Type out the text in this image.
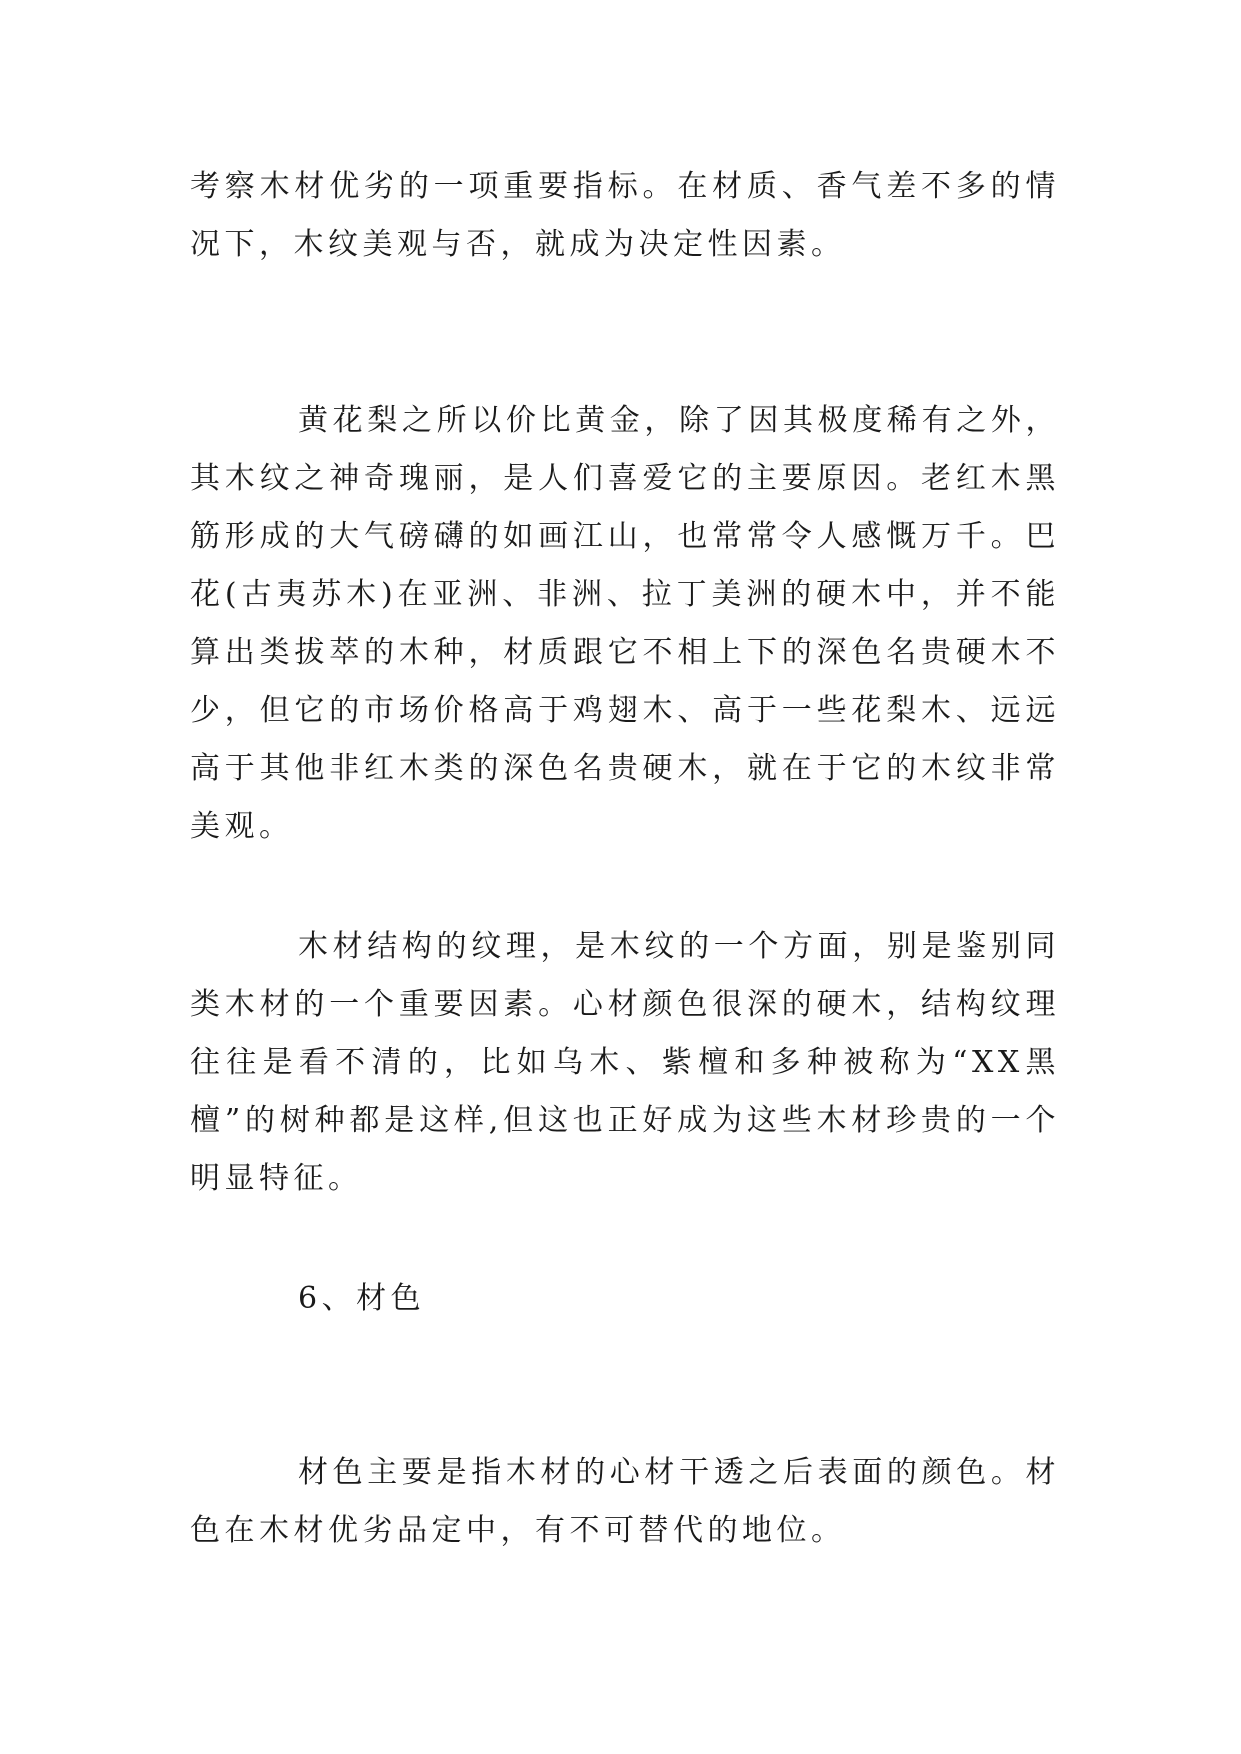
考察木材优劣的一项重要指标。在材质、香气差不多的情况下，木纹美观与否，就成为决定性因素。

黄花梨之所以价比黄金，除了因其极度稀有之外，其木纹之神奇瑰丽，是人们喜爱它的主要原因。老红木黑筋形成的大气磅礴的如画江山，也常常令人感慨万千。巴花(古夷苏木)在亚洲、非洲、拉丁美洲的硬木中，并不能算出类拔萃的木种，材质跟它不相上下的深色名贵硬木不少，但它的市场价格高于鸡翅木、高于一些花梨木、远远高于其他非红木类的深色名贵硬木，就在于它的木纹非常美观。

木材结构的纹理，是木纹的一个方面，别是鉴别同类木材的一个重要因素。心材颜色很深的硬木，结构纹理往往是看不清的，比如乌木、紫檀和多种被称为“XX黑檀”的树种都是这样,但这也正好成为这些木材珍贵的一个明显特征。

6、材色

材色主要是指木材的心材干透之后表面的颜色。材色在木材优劣品定中，有不可替代的地位。
